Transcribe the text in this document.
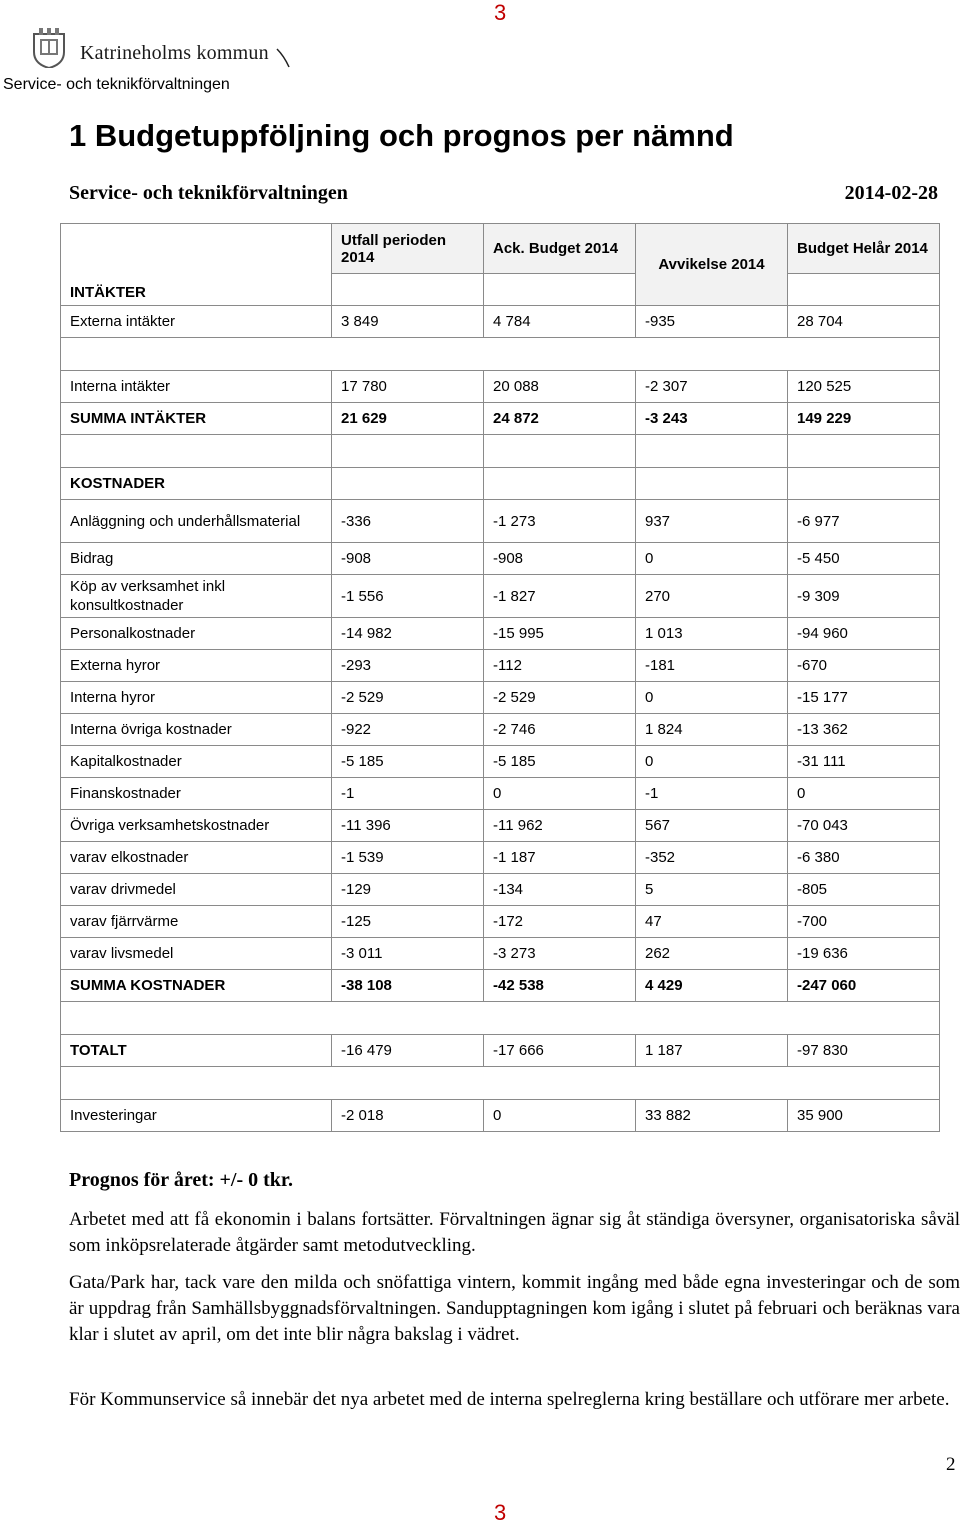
3
Katrineholms kommun
Service- och teknikförvaltningen
1 Budgetuppföljning och prognos per nämnd
Service- och teknikförvaltningen	2014-02-28
INTÄKTER	Utfall perioden 2014	Ack. Budget 2014	Avvikelse 2014	Budget Helår 2014

Externa intäkter	3 849	4 784	-935	28 704

Interna intäkter	17 780	20 088	-2 307	120 525
SUMMA INTÄKTER	21 629	24 872	-3 243	149 229

KOSTNADER				
Anläggning och underhållsmaterial	-336	-1 273	937	-6 977
Bidrag	-908	-908	0	-5 450
Köp av verksamhet inkl konsultkostnader	-1 556	-1 827	270	-9 309
Personalkostnader	-14 982	-15 995	1 013	-94 960
Externa hyror	-293	-112	-181	-670
Interna hyror	-2 529	-2 529	0	-15 177
Interna övriga kostnader	-922	-2 746	1 824	-13 362
Kapitalkostnader	-5 185	-5 185	0	-31 111
Finanskostnader	-1	0	-1	0
Övriga verksamhetskostnader	-11 396	-11 962	567	-70 043
varav elkostnader	-1 539	-1 187	-352	-6 380
varav drivmedel	-129	-134	5	-805
varav fjärrvärme	-125	-172	47	-700
varav livsmedel	-3 011	-3 273	262	-19 636
SUMMA KOSTNADER	-38 108	-42 538	4 429	-247 060

TOTALT	-16 479	-17 666	1 187	-97 830

Investeringar	-2 018	0	33 882	35 900
Prognos för året: +/- 0 tkr.

Arbetet med att få ekonomin i balans fortsätter. Förvaltningen ägnar sig åt ständiga översyner, organisatoriska såväl som inköpsrelaterade åtgärder samt metodutveckling.

Gata/Park har, tack vare den milda och snöfattiga vintern, kommit ingång med både egna investeringar och de som är uppdrag från Samhällsbyggnadsförvaltningen. Sandupptagningen kom igång i slutet på februari och beräknas vara klar i slutet av april, om det inte blir några bakslag i vädret.

För Kommunservice så innebär det nya arbetet med de interna spelreglerna kring beställare och utförare mer arbete.

2
3
